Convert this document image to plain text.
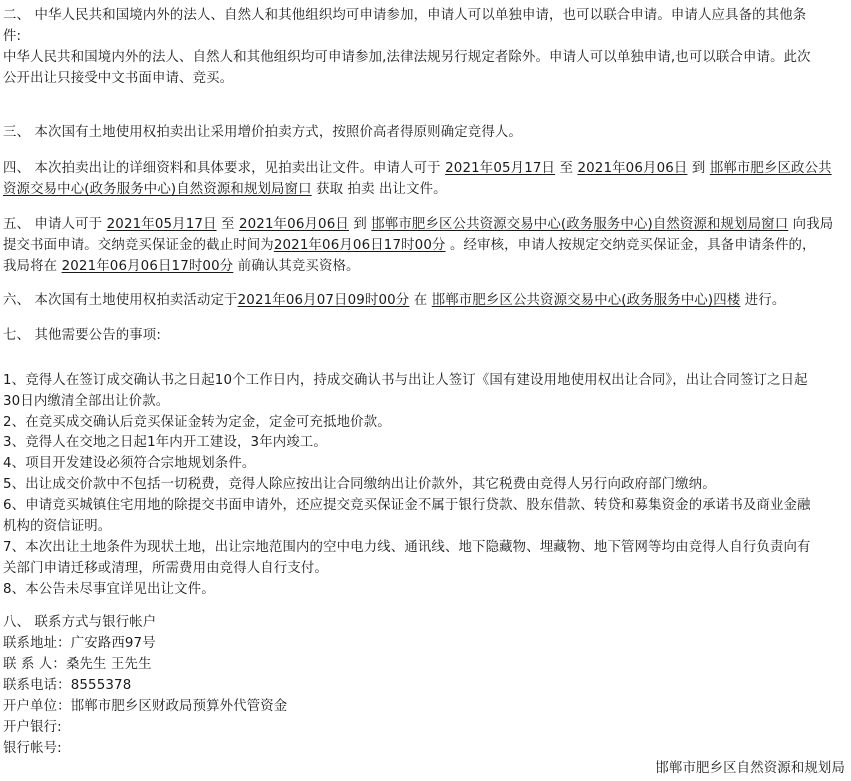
二、 中华人民共和国境内外的法人、自然人和其他组织均可申请参加，申请人可以单独申请，也可以联合申请。申请人应具备的其他条
件:
中华人民共和国境内外的法人、自然人和其他组织均可申请参加,法律法规另行规定者除外。申请人可以单独申请,也可以联合申请。此次
公开出让只接受中文书面申请、竞买。
三、 本次国有土地使用权拍卖出让采用增价拍卖方式，按照价高者得原则确定竞得人。
四、 本次拍卖出让的详细资料和具体要求，见拍卖出让文件。申请人可于 2021年05月17日 至 2021年06月06日 到 邯郸市肥乡区政公共
资源交易中心(政务服务中心)自然资源和规划局窗口 获取 拍卖 出让文件。
五、 申请人可于 2021年05月17日 至 2021年06月06日 到 邯郸市肥乡区公共资源交易中心(政务服务中心)自然资源和规划局窗口 向我局
提交书面申请。交纳竞买保证金的截止时间为2021年06月06日17时00分 。经审核，申请人按规定交纳竞买保证金，具备申请条件的，
我局将在 2021年06月06日17时00分 前确认其竞买资格。
六、 本次国有土地使用权拍卖活动定于2021年06月07日09时00分 在 邯郸市肥乡区公共资源交易中心(政务服务中心)四楼 进行。
七、 其他需要公告的事项:
1、竞得人在签订成交确认书之日起10个工作日内，持成交确认书与出让人签订《国有建设用地使用权出让合同》，出让合同签订之日起
30日内缴清全部出让价款。
2、在竞买成交确认后竞买保证金转为定金，定金可充抵地价款。
3、竞得人在交地之日起1年内开工建设，3年内竣工。
4、项目开发建设必须符合宗地规划条件。
5、出让成交价款中不包括一切税费，竞得人除应按出让合同缴纳出让价款外，其它税费由竞得人另行向政府部门缴纳。
6、申请竞买城镇住宅用地的除提交书面申请外，还应提交竞买保证金不属于银行贷款、股东借款、转贷和募集资金的承诺书及商业金融
机构的资信证明。
7、本次出让土地条件为现状土地，出让宗地范围内的空中电力线、通讯线、地下隐藏物、埋藏物、地下管网等均由竞得人自行负责向有
关部门申请迁移或清理，所需费用由竞得人自行支付。
8、本公告未尽事宜详见出让文件。
八、 联系方式与银行帐户
联系地址：广安路西97号
联 系 人：桑先生 王先生
联系电话：8555378
开户单位：邯郸市肥乡区财政局预算外代管资金
开户银行:
银行帐号:
邯郸市肥乡区自然资源和规划局
